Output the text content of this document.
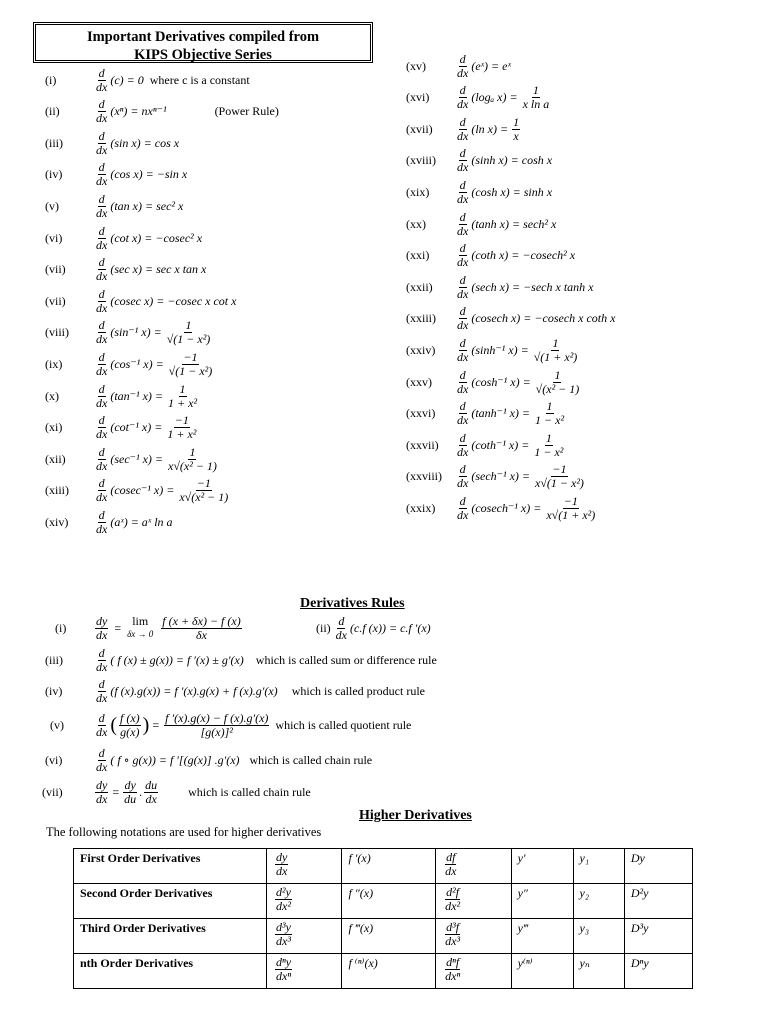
Important Derivatives compiled from
KIPS Objective Series
(i)	$\frac{d}{dx} (c) = 0$ where c is a constant
(ii)	$\frac{d}{dx} (x^n) = nx^{n-1}$	(Power Rule)
(iii)	$\frac{d}{dx} (\sin$ x) = cos x
(iv)	$\frac{d}{dx} (\cos$ x) = −sin x
(v)	$\frac{d}{dx} (\tan$ x) = sec² x
(vi)	$\frac{d}{dx} (\cot$ x) = −cosec² x
(vii)	$\frac{d}{dx} (\sec$ x) = sec x tan x
(vii)	$\frac{d}{dx} (cosec$ x) = −cosec x cot x
(viii)	$\frac{d}{dx} (\sin^{-1}$ $x) = \frac{1}{\text{√(1 − x²)}}$
(ix)	$\frac{d}{dx} (\cos^{-1}$ $x) = \frac{-1}{\text{√(1 − x²)}}$
(x)	$\frac{d}{dx} (\tan^{-1}$ $x) = \frac{1}{\text{1 + x²}}$
(xi)	$\frac{d}{dx} (\cot^{-1}$ $x) = \frac{-1}{\text{1 + x²}}$
(xii)	$\frac{d}{dx} (\sec^{-1}$ $x) = \frac{1}{\text{x√(x² − 1)}}$
(xiii)	$\frac{d}{dx} (cosec^{-1}$ $x) = \frac{-1}{\text{x√(x² − 1)}}$
(xiv)	$\frac{d}{dx}$ (aˣ) = aˣ ln a
(xv)	$\frac{d}{dx}$ (eˣ) = eˣ
(xvi)	$\frac{d}{dx} (\log_a$ $x) = \frac{1}{\text{x ln a}}$
(xvii)	$\frac{d}{dx} (\ln$ $x) = \frac{1}{x}$
(xviii)	$\frac{d}{dx} (\sinh$ x) = cosh x
(xix)	$\frac{d}{dx} (\cosh$ x) = sinh x
(xx)	$\frac{d}{dx} (\tanh$ x) = sech² x
(xxi)	$\frac{d}{dx} (\cot h$ x) = −cosech² x
(xxii)	$\frac{d}{dx} (\sec h$ x) = −sech x tanh x
(xxiii)	$\frac{d}{dx} (cosech$ x) = −cosech x coth x
(xxiv)	$\frac{d}{dx} (\sinh^{-1}$ $x) = \frac{1}{\text{√(1 + x²)}}$
(xxv)	$\frac{d}{dx} (\cosh^{-1}$ $x) = \frac{1}{\text{√(x² − 1)}}$
(xxvi)	$\frac{d}{dx} (\tanh^{-1}$ $x) = \frac{1}{\text{1 − x²}}$
(xxvii)	$\frac{d}{dx} (\cot h^{-1}$ $x) = \frac{1}{\text{1 − x²}}$
(xxviii)	$\frac{d}{dx} (\sec h^{-1}$ $x) = \frac{-1}{\text{x√(1 − x²)}}$
(xxix)	$\frac{d}{dx} (cosech^{-1}$ $x) = \frac{-1}{\text{x√(1 + x²)}}$
Derivatives Rules
(i)	$\frac{dy}{dx} = \lim$
$\delta x \to 0 \frac{f (x + \delta x) - f (x)}{\delta x}$	$(ii) \frac{d}{dx} (c.f$ (x)) = c.f ′(x)
(iii)	$\frac{d}{dx}$ ( f (x) ± g(x)) = f ′(x) ± g′(x) which is called sum or difference rule
(iv)	$\frac{d}{dx} (f$ (x).g(x)) = f ′(x).g(x) + f (x).g′(x) which is called product rule
(v)	$\frac{d}{dx}$ ( $\frac{f (x)}{g(x)}$ ) = $\frac{f '(x).g(x) - f (x).g'(x)}{\text{[g(x)]²}}$ which is called quotient rule
(vi)	$\frac{d}{dx}$ ( f ∘ g(x)) = f ′[(g(x)] .g′(x) which is called chain rule
(vii)	$\frac{dy}{dx} = \frac{dy}{du}$ . $\frac{du}{dx}$	which is called chain rule
Higher Derivatives
The following notations are used for higher derivatives
First Order Derivatives	$\frac{dy}{dx}$	f ′(x)	$\frac{df}{dx}$	y′	y₁	Dy
Second Order Derivatives	$\frac{\text{d²y}}{\text{dx²}}$	f ″(x)	$\frac{\text{d²f}}{\text{dx²}}$	y″	y₂	D²y
Third Order Derivatives	$\frac{\text{d³y}}{\text{dx³}}$	f ‴(x)	$\frac{\text{d³f}}{\text{dx³}}$	y‴	y₃	D³y
nth Order Derivatives	$\frac{\text{dⁿy}}{\text{dxⁿ}}$	f ⁽ⁿ⁾(x)	$\frac{\text{dⁿf}}{\text{dxⁿ}}$	y⁽ⁿ⁾	yₙ	Dⁿy
